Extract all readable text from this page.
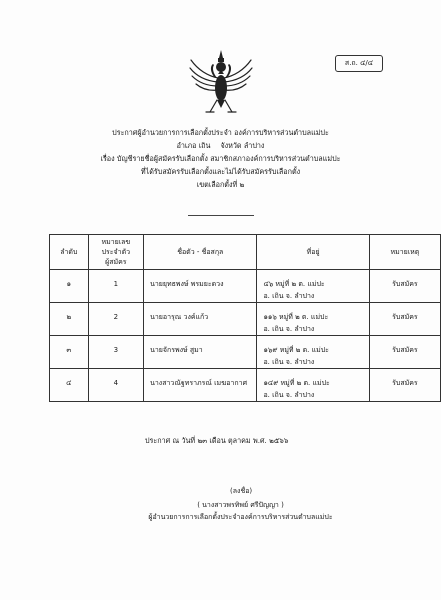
ส.ถ. ๔/๔
ประกาศผู้อำนวยการการเลือกตั้งประจำ องค์การบริหารส่วนตำบลแม่ปะ
อำเภอ เถิน จังหวัด ลำปาง
เรื่อง บัญชีรายชื่อผู้สมัครรับเลือกตั้ง สมาชิกสภาองค์การบริหารส่วนตำบลแม่ปะ
ที่ได้รับสมัครรับเลือกตั้งและไม่ได้รับสมัครรับเลือกตั้ง
เขตเลือกตั้งที่ ๒
ลำดับ	หมายเลข
ประจำตัว
ผู้สมัคร	ชื่อตัว - ชื่อสกุล	ที่อยู่	หมายเหตุ

๑	1	นายยุทธพงษ์ พรมยะดวง	๔๖ หมู่ที่ ๒ ต. แม่ปะ
อ. เถิน จ. ลำปาง	รับสมัคร

๒	2	นายอารุณ วงค์แก้ว	๑๑๖ หมู่ที่ ๒ ต. แม่ปะ
อ. เถิน จ. ลำปาง	รับสมัคร

๓	3	นายจักรพงษ์ สูมา	๑๖๙ หมู่ที่ ๒ ต. แม่ปะ
อ. เถิน จ. ลำปาง	รับสมัคร

๔	4	นางสาวณัฐทราภรณ์ เมฆอากาศ	๑๔๙ หมู่ที่ ๒ ต. แม่ปะ
อ. เถิน จ. ลำปาง	รับสมัคร
ประกาศ ณ วันที่ ๒๓ เดือน ตุลาคม พ.ศ. ๒๕๖๖
(ลงชื่อ)
( นางสาวพรทิพย์ ศรีปัญญา )
ผู้อำนวยการการเลือกตั้งประจำองค์การบริหารส่วนตำบลแม่ปะ
